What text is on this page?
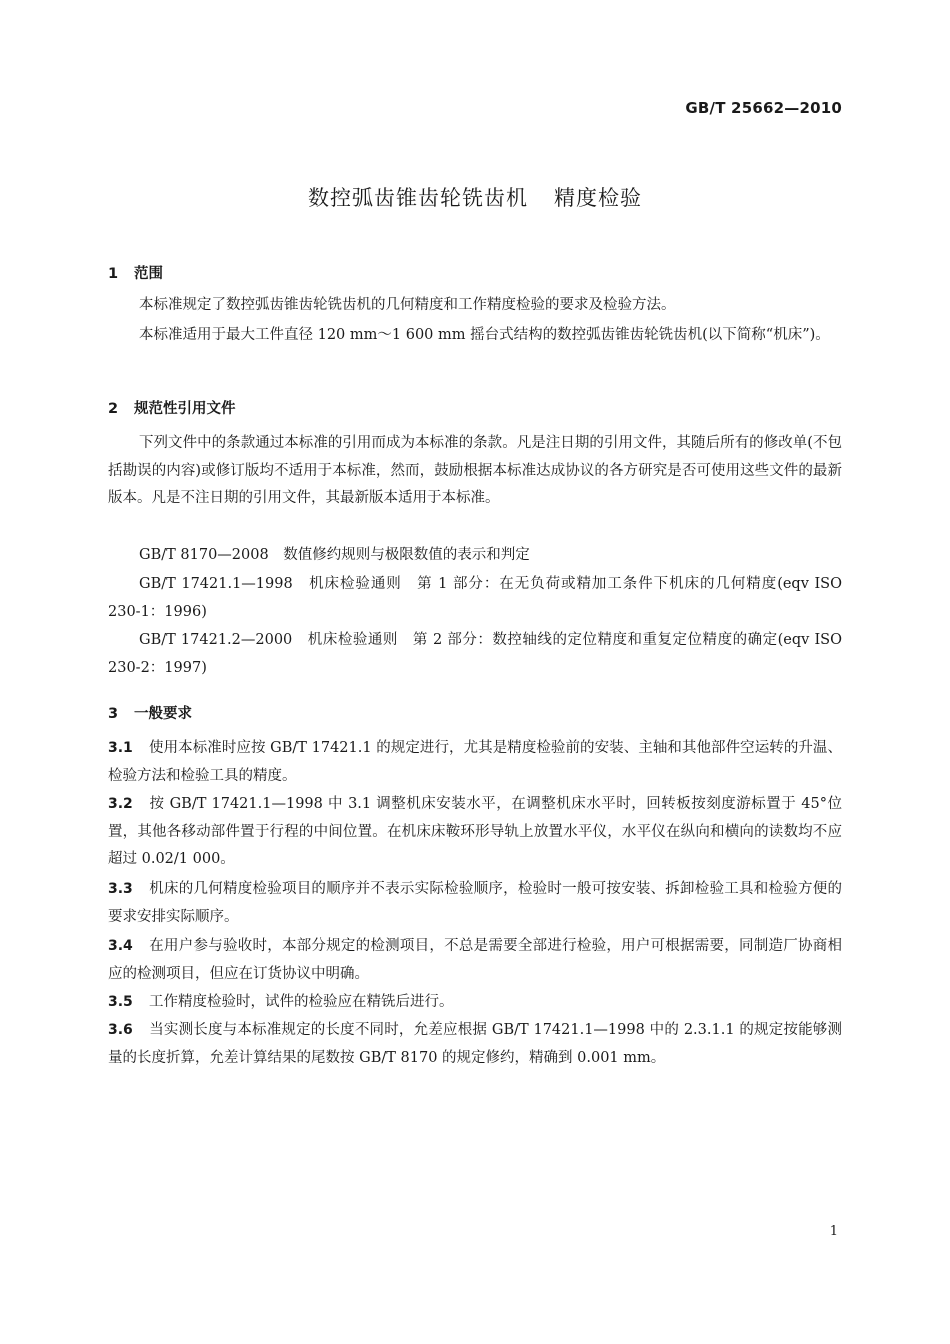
GB/T 25662—2010
数控弧齿锥齿轮铣齿机 精度检验
1 范围

本标准规定了数控弧齿锥齿轮铣齿机的几何精度和工作精度检验的要求及检验方法。

本标准适用于最大工件直径 120 mm～1 600 mm 摇台式结构的数控弧齿锥齿轮铣齿机(以下简称“机床”)。

2 规范性引用文件

下列文件中的条款通过本标准的引用而成为本标准的条款。凡是注日期的引用文件，其随后所有的修改单(不包括勘误的内容)或修订版均不适用于本标准，然而，鼓励根据本标准达成协议的各方研究是否可使用这些文件的最新版本。凡是不注日期的引用文件，其最新版本适用于本标准。

GB/T 8170—2008　数值修约规则与极限数值的表示和判定

GB/T 17421.1—1998　机床检验通则　第 1 部分：在无负荷或精加工条件下机床的几何精度(eqv ISO 230-1：1996)

GB/T 17421.2—2000　机床检验通则　第 2 部分：数控轴线的定位精度和重复定位精度的确定(eqv ISO 230-2：1997)

3 一般要求

3.1 使用本标准时应按 GB/T 17421.1 的规定进行，尤其是精度检验前的安装、主轴和其他部件空运转的升温、检验方法和检验工具的精度。

3.2 按 GB/T 17421.1—1998 中 3.1 调整机床安装水平，在调整机床水平时，回转板按刻度游标置于 45°位置，其他各移动部件置于行程的中间位置。在机床床鞍环形导轨上放置水平仪，水平仪在纵向和横向的读数均不应超过 0.02/1 000。

3.3 机床的几何精度检验项目的顺序并不表示实际检验顺序，检验时一般可按安装、拆卸检验工具和检验方便的要求安排实际顺序。

3.4 在用户参与验收时，本部分规定的检测项目，不总是需要全部进行检验，用户可根据需要，同制造厂协商相应的检测项目，但应在订货协议中明确。

3.5 工作精度检验时，试件的检验应在精铣后进行。

3.6 当实测长度与本标准规定的长度不同时，允差应根据 GB/T 17421.1—1998 中的 2.3.1.1 的规定按能够测量的长度折算，允差计算结果的尾数按 GB/T 8170 的规定修约，精确到 0.001 mm。

1
